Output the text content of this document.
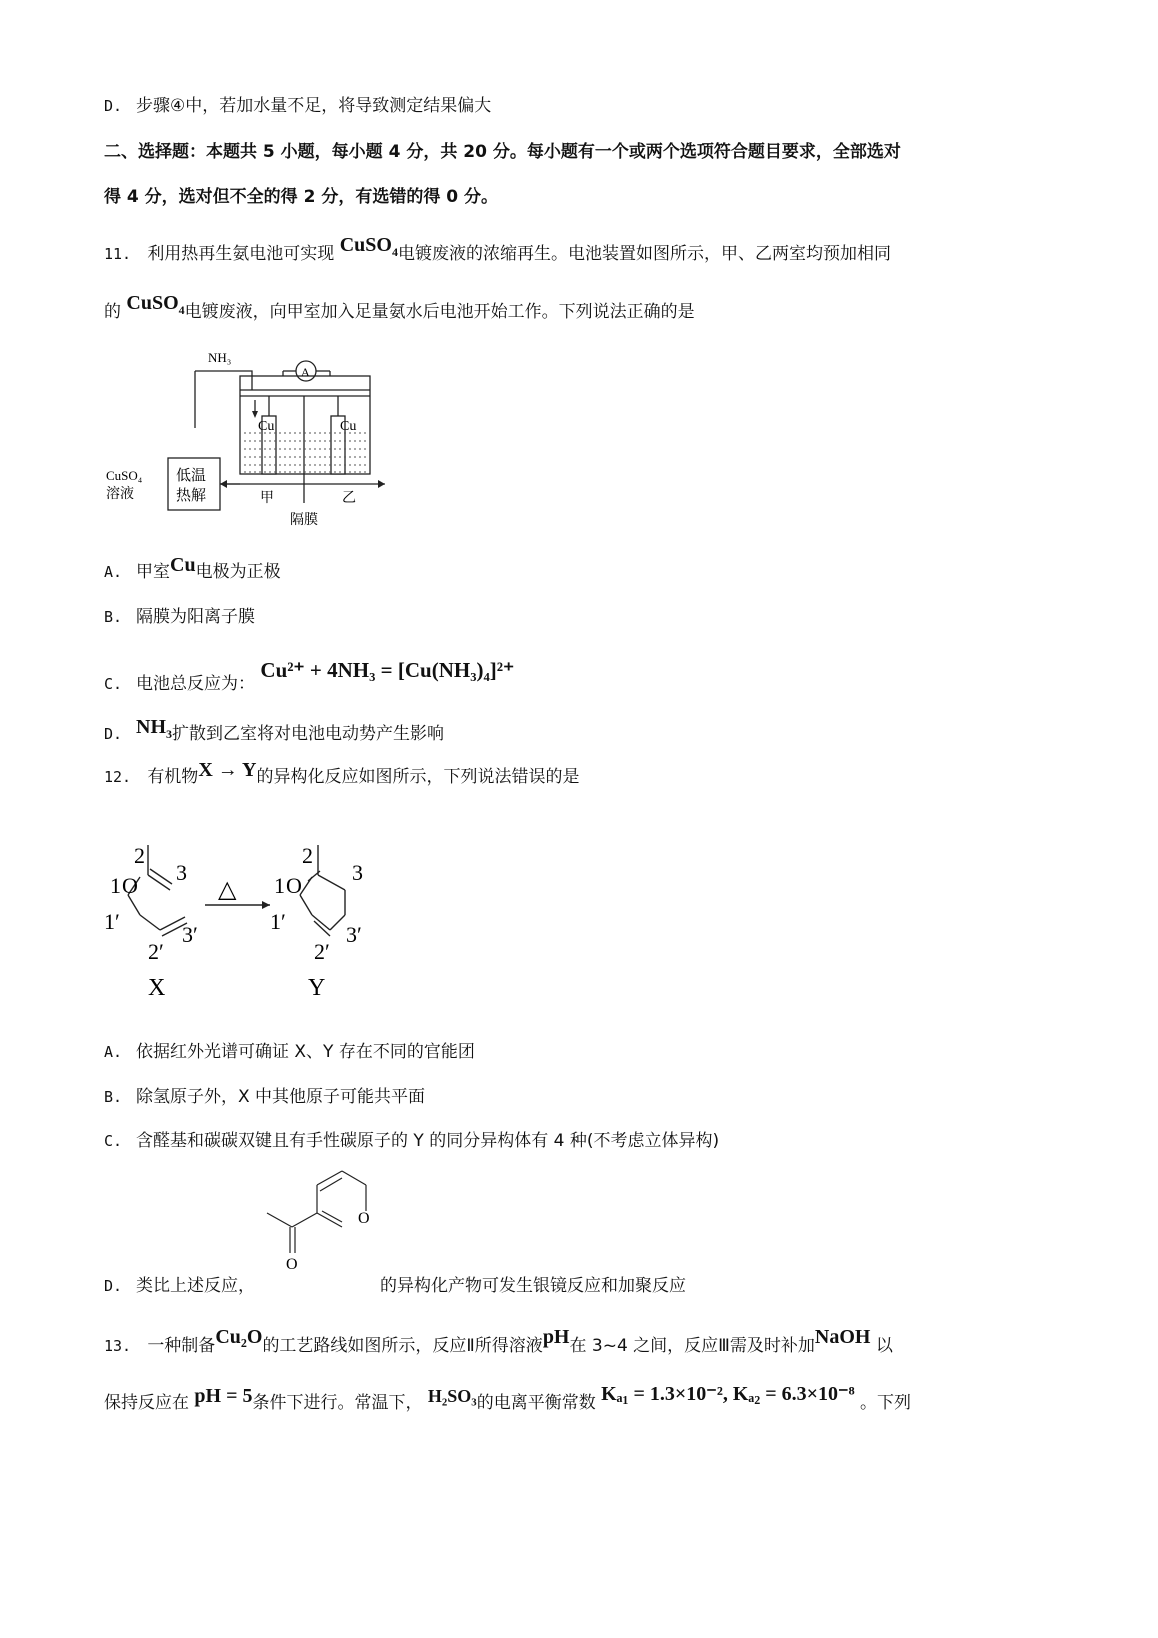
D. 步骤④中，若加水量不足，将导致测定结果偏大
二、选择题：本题共 5 小题，每小题 4 分，共 20 分。每小题有一个或两个选项符合题目要求，全部选对
得 4 分，选对但不全的得 2 分，有选错的得 0 分。
11. 利用热再生氨电池可实现 CuSO$_4$电镀废液的浓缩再生。电池装置如图所示，甲、乙两室均预加相同
的 CuSO$_4$电镀废液，向甲室加入足量氨水后电池开始工作。下列说法正确的是
NH₃
A
Cu	Cu
CuSO₄
溶液
低温
热解	甲	乙
隔膜
A. 甲室Cu电极为正极
B. 隔膜为阳离子膜
C. 电池总反应为： Cu²⁺ + 4NH₃ = [Cu(NH₃)₄]²⁺
D. $NH_3$扩散到乙室将对电池电动势产生影响
12. 有机物X → Y的异构化反应如图所示，下列说法错误的是
△
2
3
1 O
1′
2′
3′
X
2
3
1 O
1′
2′
3′
Y
A. 依据红外光谱可确证 X、Y 存在不同的官能团
B. 除氢原子外，X 中其他原子可能共平面
C. 含醛基和碳碳双键且有手性碳原子的 Y 的同分异构体有 4 种(不考虑立体异构)
O
O
D. 类比上述反应，	的异构化产物可发生银镜反应和加聚反应
13. 一种制备Cu₂O的工艺路线如图所示，反应Ⅱ所得溶液pH在 3~4 之间，反应Ⅲ需及时补加NaOH 以
保持反应在 pH = 5条件下进行。常温下， H₂SO₃的电离平衡常数 Kₐ₁ = 1.3×10⁻², Kₐ₂ = 6.3×10⁻⁸ 。下列
